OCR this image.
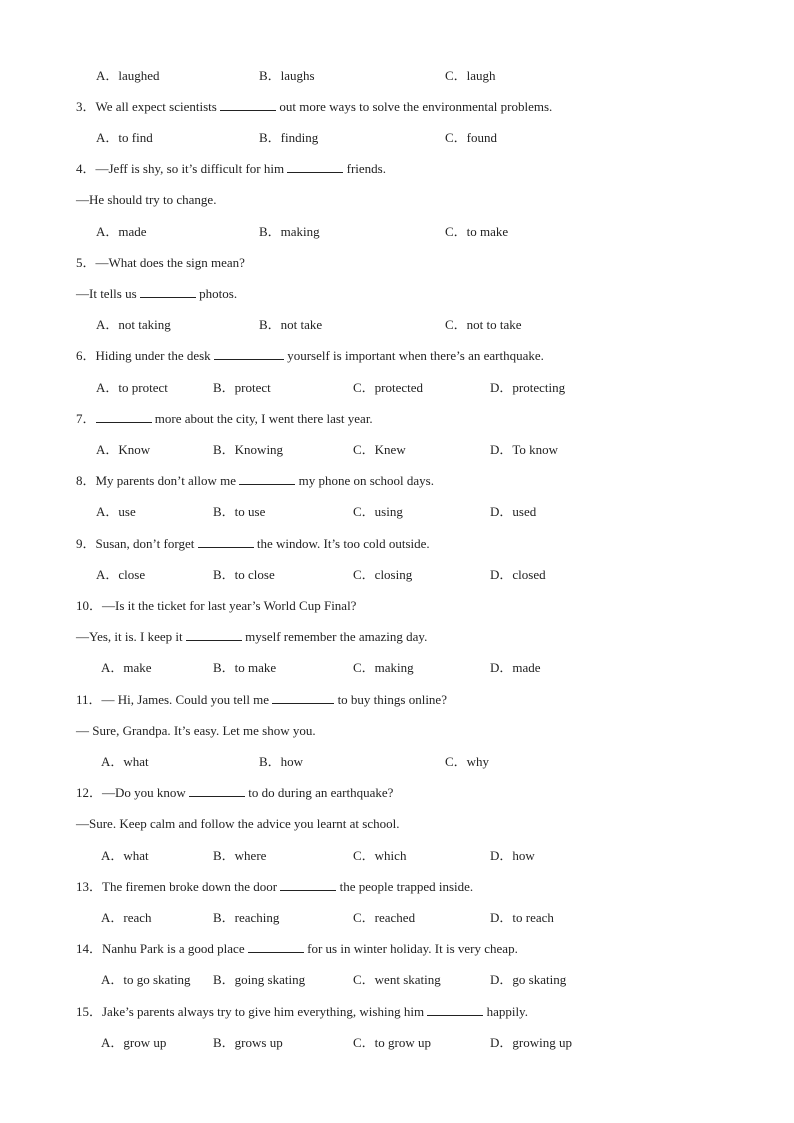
A．laughed	B．laughs	C．laugh
3．We all expect scientists	out more ways to solve the environmental problems.
A．to find	B．finding	C．found
4．—Jeff is shy, so it’s difficult for him	friends.
—He should try to change.
A．made	B．making	C．to make
5．—What does the sign mean?
—It tells us	photos.
A．not taking	B．not take	C．not to take
6．Hiding under the desk	yourself is important when there’s an earthquake.
A．to protect	B．protect	C．protected	D．protecting
7．	more about the city, I went there last year.
A．Know	B．Knowing	C．Knew	D．To know
8．My parents don’t allow me	my phone on school days.
A．use	B．to use	C．using	D．used
9．Susan, don’t forget	the window. It’s too cold outside.
A．close	B．to close	C．closing	D．closed
10．—Is it the ticket for last year’s World Cup Final?
—Yes, it is. I keep it	myself remember the amazing day.
A．make	B．to make	C．making	D．made
11．— Hi, James. Could you tell me	to buy things online?
— Sure, Grandpa. It’s easy. Let me show you.
A．what	B．how	C．why
12．—Do you know	to do during an earthquake?
—Sure. Keep calm and follow the advice you learnt at school.
A．what	B．where	C．which	D．how
13．The firemen broke down the door	the people trapped inside.
A．reach	B．reaching	C．reached	D．to reach
14．Nanhu Park is a good place	for us in winter holiday. It is very cheap.
A．to go skating B．going skating	C．went skating	D．go skating
15．Jake’s parents always try to give him everything, wishing him	happily.
A．grow up	B．grows up	C．to grow up	D．growing up
